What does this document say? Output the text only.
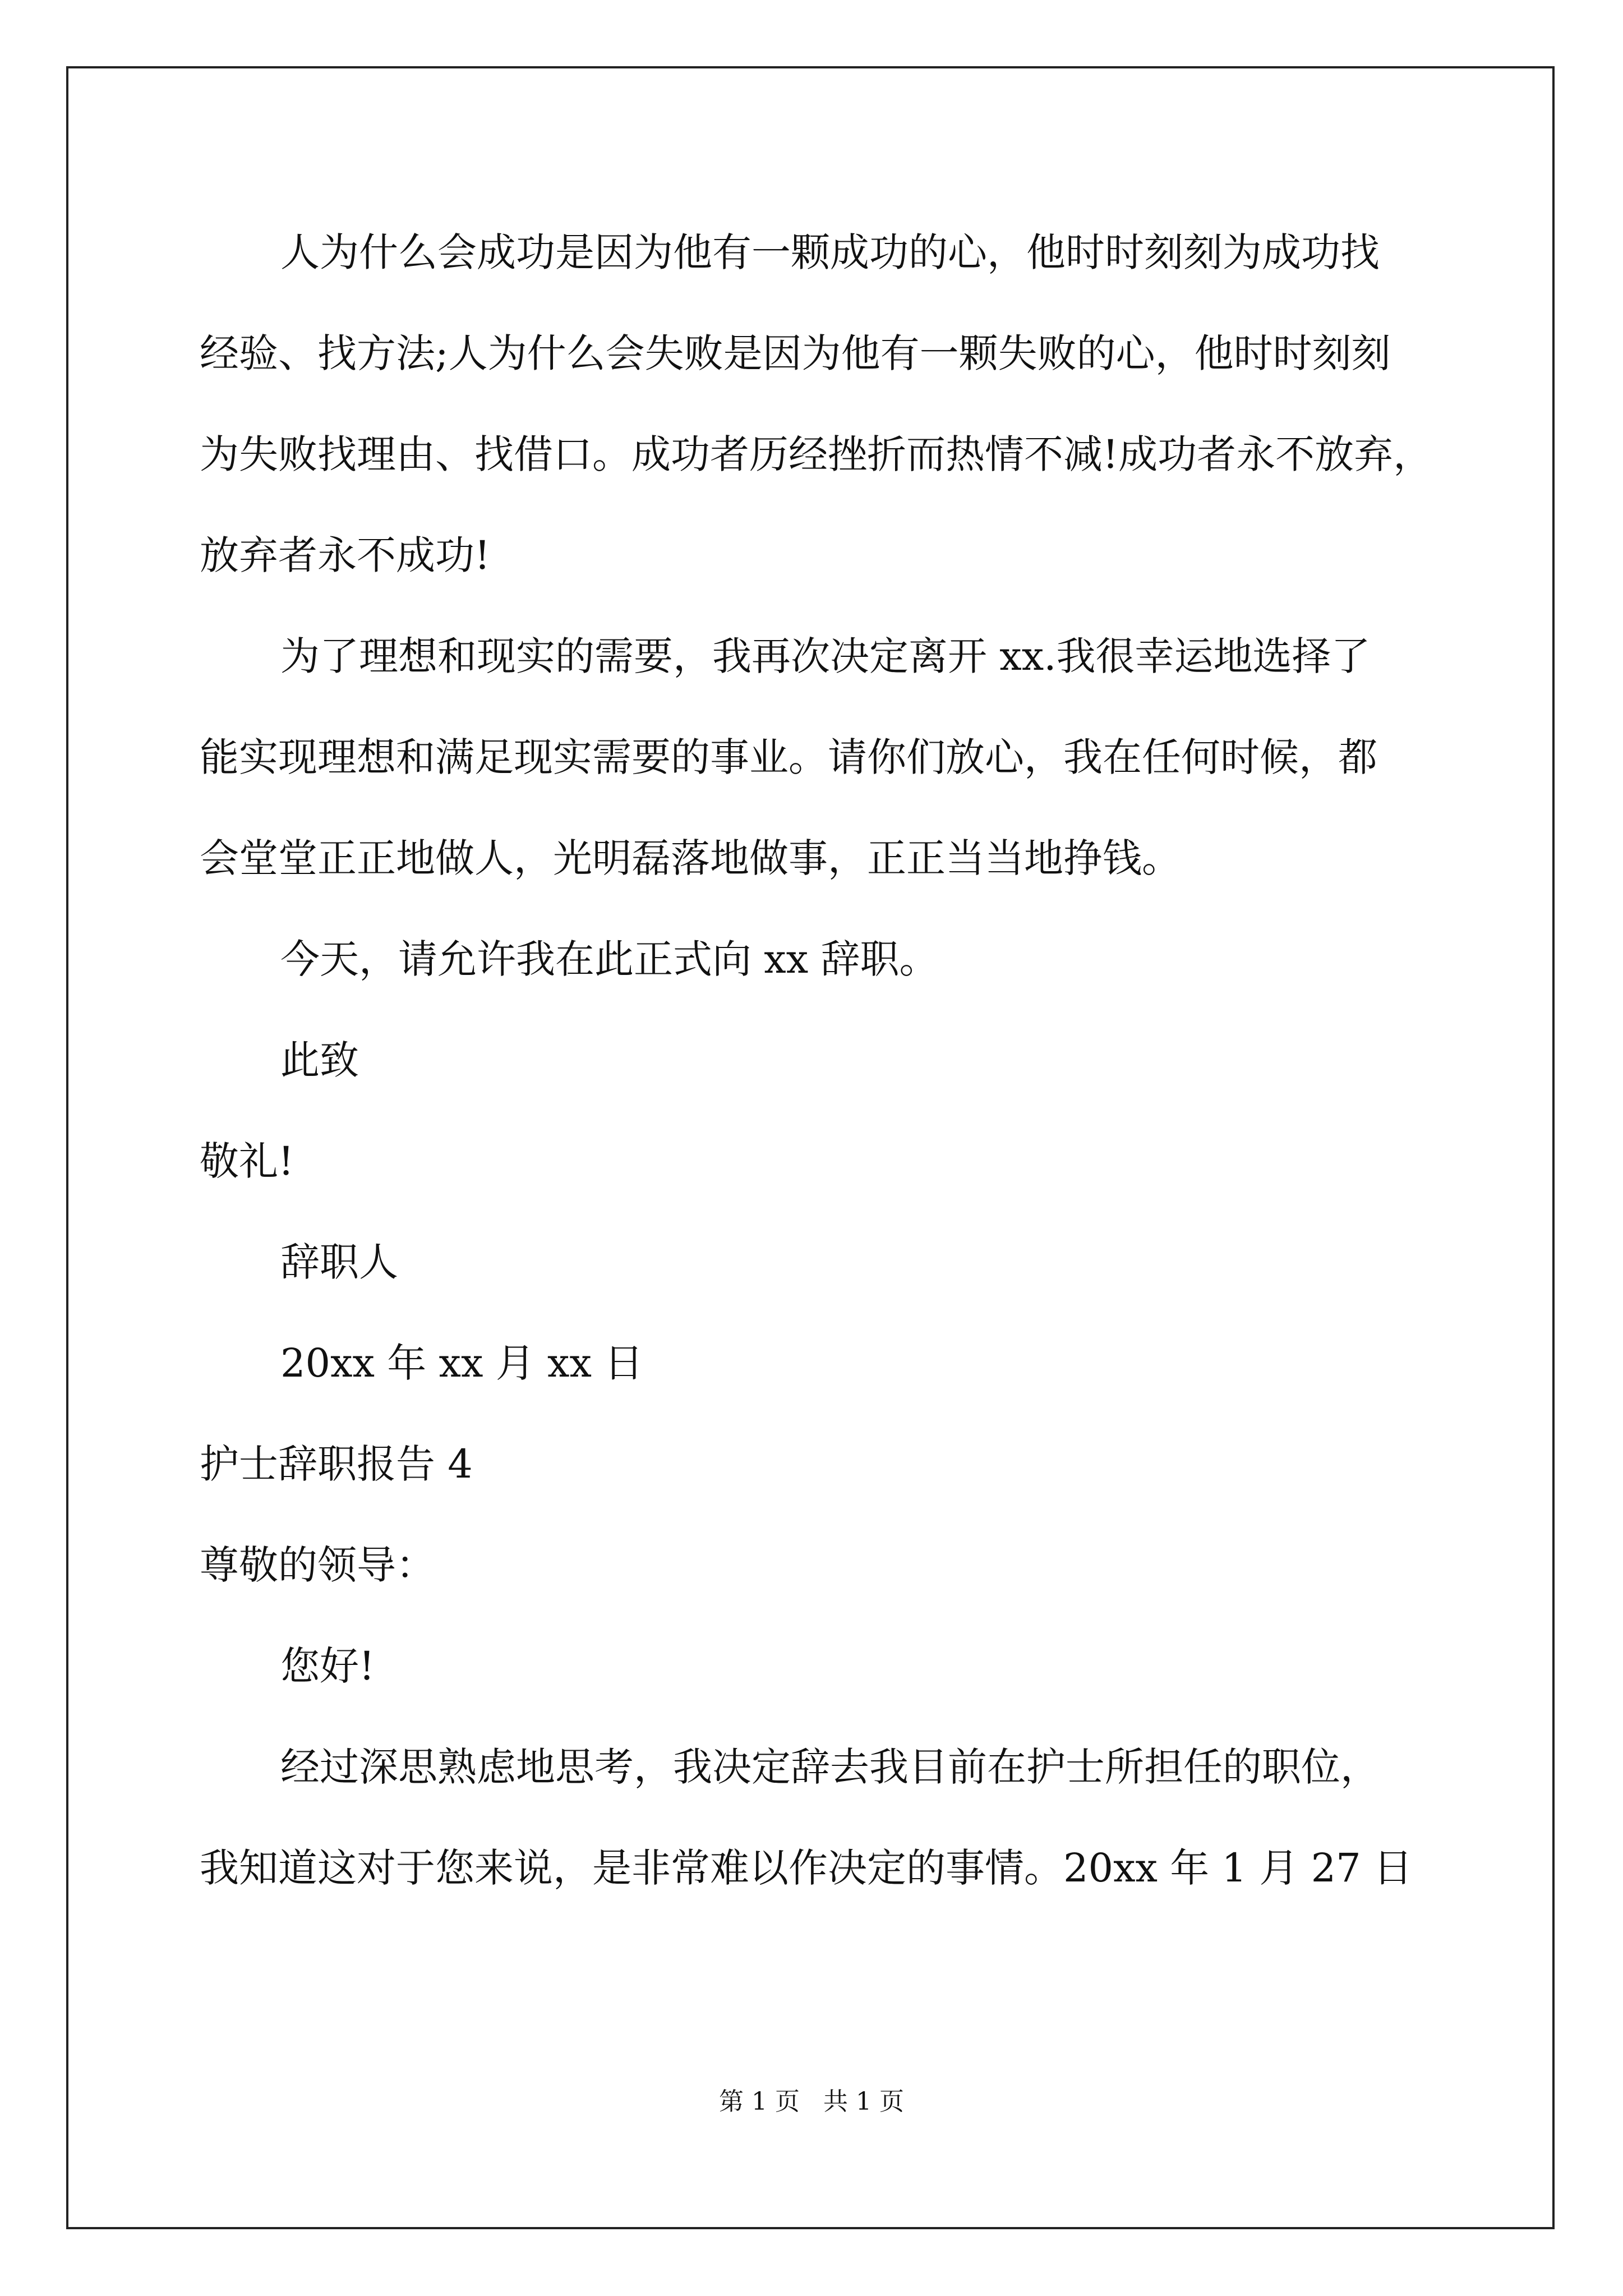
人为什么会成功是因为他有一颗成功的心，他时时刻刻为成功找
经验、找方法;人为什么会失败是因为他有一颗失败的心，他时时刻刻
为失败找理由、找借口。成功者历经挫折而热情不减!成功者永不放弃，
放弃者永不成功!
为了理想和现实的需要，我再次决定离开 xx.我很幸运地选择了
能实现理想和满足现实需要的事业。请你们放心，我在任何时候，都
会堂堂正正地做人，光明磊落地做事，正正当当地挣钱。
今天，请允许我在此正式向 xx 辞职。
此致
敬礼!
辞职人
20xx 年 xx 月 xx 日
护士辞职报告 4
尊敬的领导：
您好!
经过深思熟虑地思考，我决定辞去我目前在护士所担任的职位，
我知道这对于您来说，是非常难以作决定的事情。20xx 年 1 月 27 日
第 1 页   共 1 页
